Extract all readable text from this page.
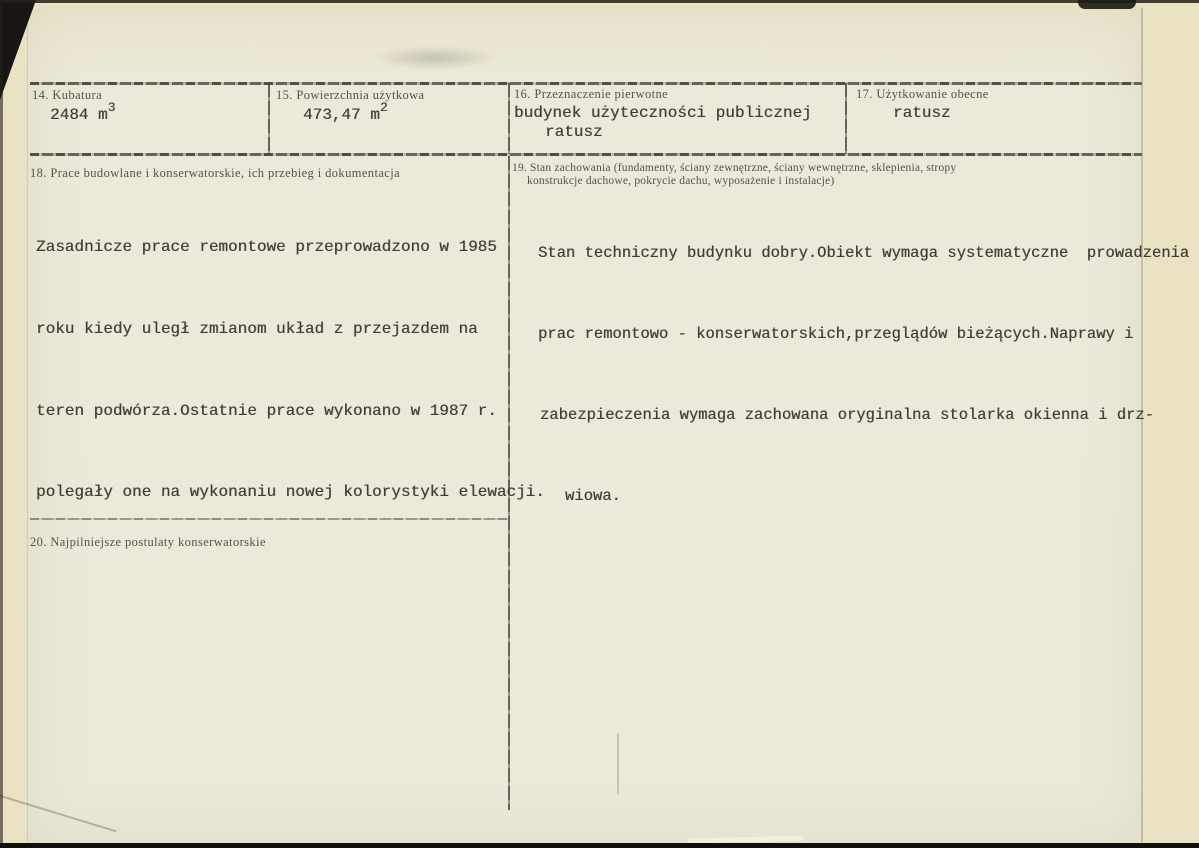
14. Kubatura
2484 $m^3$
15. Powierzchnia użytkowa
473,47 $m^2$
16. Przeznaczenie pierwotne
budynek użyteczności publicznej
ratusz
17. Użytkowanie obecne
ratusz
18. Prace budowlane i konserwatorskie, ich przebieg i dokumentacja

Zasadnicze prace remontowe przeprowadzono w 1985

roku kiedy uległ zmianom układ z przejazdem na

teren podwórza.Ostatnie prace wykonano w 1987 r.

polegały one na wykonaniu nowej kolorystyki elewacji.

19. Stan zachowania (fundamenty, ściany zewnętrzne, ściany wewnętrzne, sklepienia, stropy
konstrukcje dachowe, pokrycie dachu, wyposażenie i instalacje)

Stan techniczny budynku dobry.Obiekt wymaga systematyczne  prowadzenia

prac remontowo - konserwatorskich,przeglądów bieżących.Naprawy i

zabezpieczenia wymaga zachowana oryginalna stolarka okienna i drz-

wiowa.

20. Najpilniejsze postulaty konserwatorskie
